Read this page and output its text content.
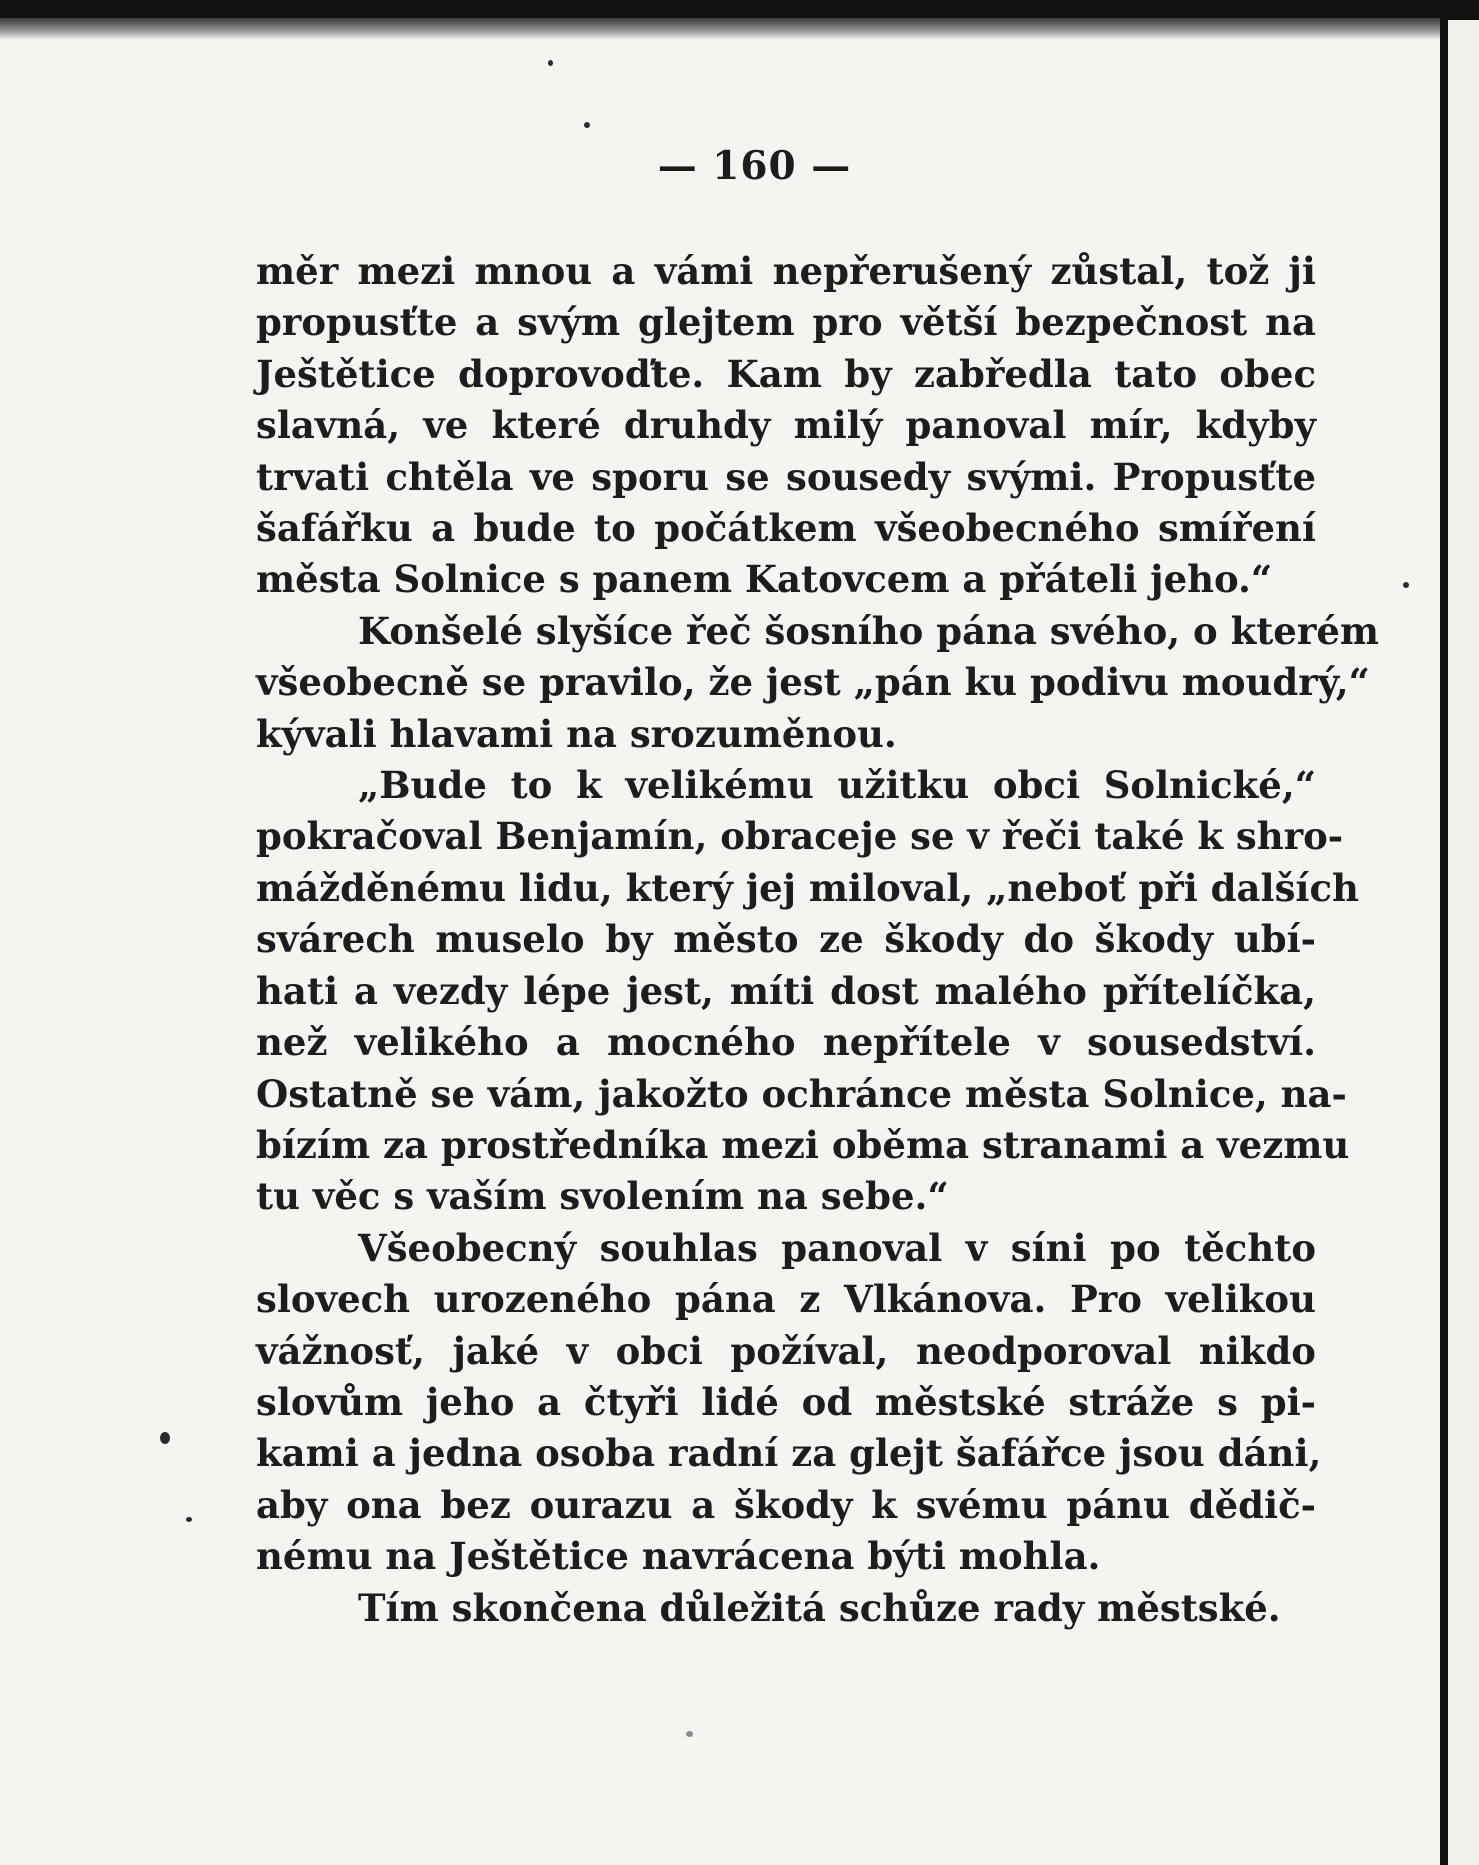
— 160 —
měr mezi mnou a vámi nepřerušený zůstal, tož ji
propusťte a svým glejtem pro větší bezpečnost na
Ještětice doprovoďte. Kam by zabředla tato obec
slavná, ve které druhdy milý panoval mír, kdyby
trvati chtěla ve sporu se sousedy svými. Propusťte
šafářku a bude to počátkem všeobecného smíření
města Solnice s panem Katovcem a přáteli jeho.“
Konšelé slyšíce řeč šosního pána svého, o kterém
všeobecně se pravilo, že jest „pán ku podivu moudrý,“
kývali hlavami na srozuměnou.
„Bude to k velikému užitku obci Solnické,“
pokračoval Benjamín, obraceje se v řeči také k shro-
mážděnému lidu, který jej miloval, „neboť při dalších
svárech muselo by město ze škody do škody ubí-
hati a vezdy lépe jest, míti dost malého přítelíčka,
než velikého a mocného nepřítele v sousedství.
Ostatně se vám, jakožto ochránce města Solnice, na-
bízím za prostředníka mezi oběma stranami a vezmu
tu věc s vaším svolením na sebe.“
Všeobecný souhlas panoval v síni po těchto
slovech urozeného pána z Vlkánova. Pro velikou
vážnosť, jaké v obci požíval, neodporoval nikdo
slovům jeho a čtyři lidé od městské stráže s pi-
kami a jedna osoba radní za glejt šafářce jsou dáni,
aby ona bez ourazu a škody k svému pánu dědič-
nému na Ještětice navrácena býti mohla.
Tím skončena důležitá schůze rady městské.
